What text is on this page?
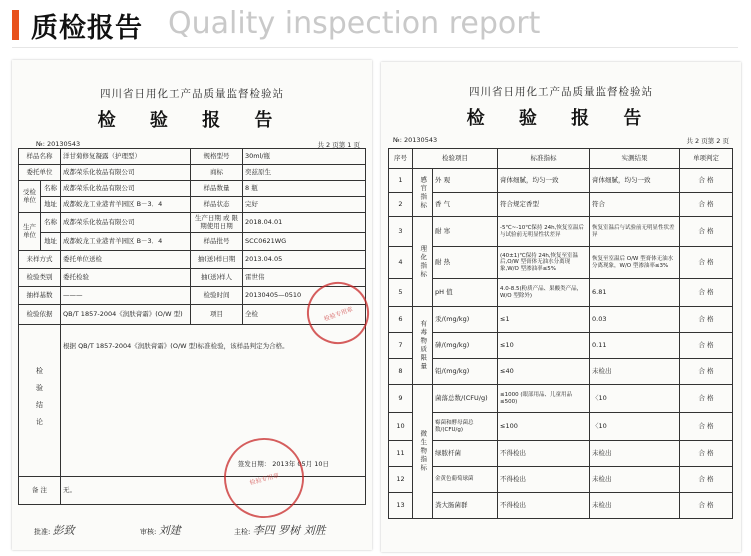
质检报告 Quality inspection report
四川省日用化工产品质量监督检验站
检 验 报 告
№: 20130543	共 2 页第 1 页
样品名称		洋甘菊修复凝露（护理型）	规格型号	30ml/瓶
委托单位		成都荣乐化妆品有限公司	商标	奕兹原生
受检单位	名称	成都荣乐化妆品有限公司	样品数量	8 瓶
	地址	成都蛟龙工业港青羊园区 B－3．4	样品状态	完好
生产单位	名称	成都荣乐化妆品有限公司	生产日期 或 限期使用日期	2018.04.01
	地址	成都蛟龙工业港青羊园区 B－3．4	样品批号	SCC0621WG
来样方式		委托单位送检	抽(送)样日期	2013.04.05
检验类别		委托检验	抽(送)样人	雷世伟
抽样基数		———	检验时间	20130405—0510
检验依据		QB/T 1857-2004《润肤膏霜》(O/W 型)	项目	全检

检验结论		根据 QB/T 1857-2004《润肤膏霜》(O/W 型)标准检验，该样品判定为合格。
签发日期： 2013年 05月 10日		

备 注		无。		
检验专用章
检验专用章
批准: 彭致	审核: 刘建	主检: 李四 罗树 刘胜
四川省日用化工产品质量监督检验站
检 验 报 告
№: 20130543	共 2 页第 2 页
序号	检验项目		标准指标	实测结果	单项判定
1	感官指标	外 观	膏体细腻，均匀一致	膏体细腻，均匀一致	合 格
2		香 气	符合规定香型	符合	合 格
3	理化指标	耐 寒	-5℃~-10℃保持 24h,恢复室温后与试验前无明显性状差异	恢复室温后与试验前无明显性状差异	合 格
4		耐 热	(40±1)℃保持 24h,恢复至室温后,O/W 型膏体无油水分离现象,W/O 型渗油率≤5%	恢复至室温后 O/W 型膏体无油水分离现象，W/O 型渗油率≤3%	合 格
5		pH 值	4.0-8.5(粉质产品、果酸类产品，W/O 型除外)	6.81	合 格
6	有毒物质限量	汞/(mg/kg)	≤1	0.03	合 格
7		砷/(mg/kg)	≤10	0.11	合 格
8		铅/(mg/kg)	≤40	未检出	合 格
9	微生物指标	菌落总数/(CFU/g)	≤1000 (眼部用品、儿童用品≤500)	〈10	合 格
10		霉菌和酵母菌总数/(CFU/g)	≤100	〈10	合 格
11		绿脓杆菌	不得检出	未检出	合 格
12		金黄色葡萄球菌	不得检出	未检出	合 格
13		粪大肠菌群	不得检出	未检出	合 格
